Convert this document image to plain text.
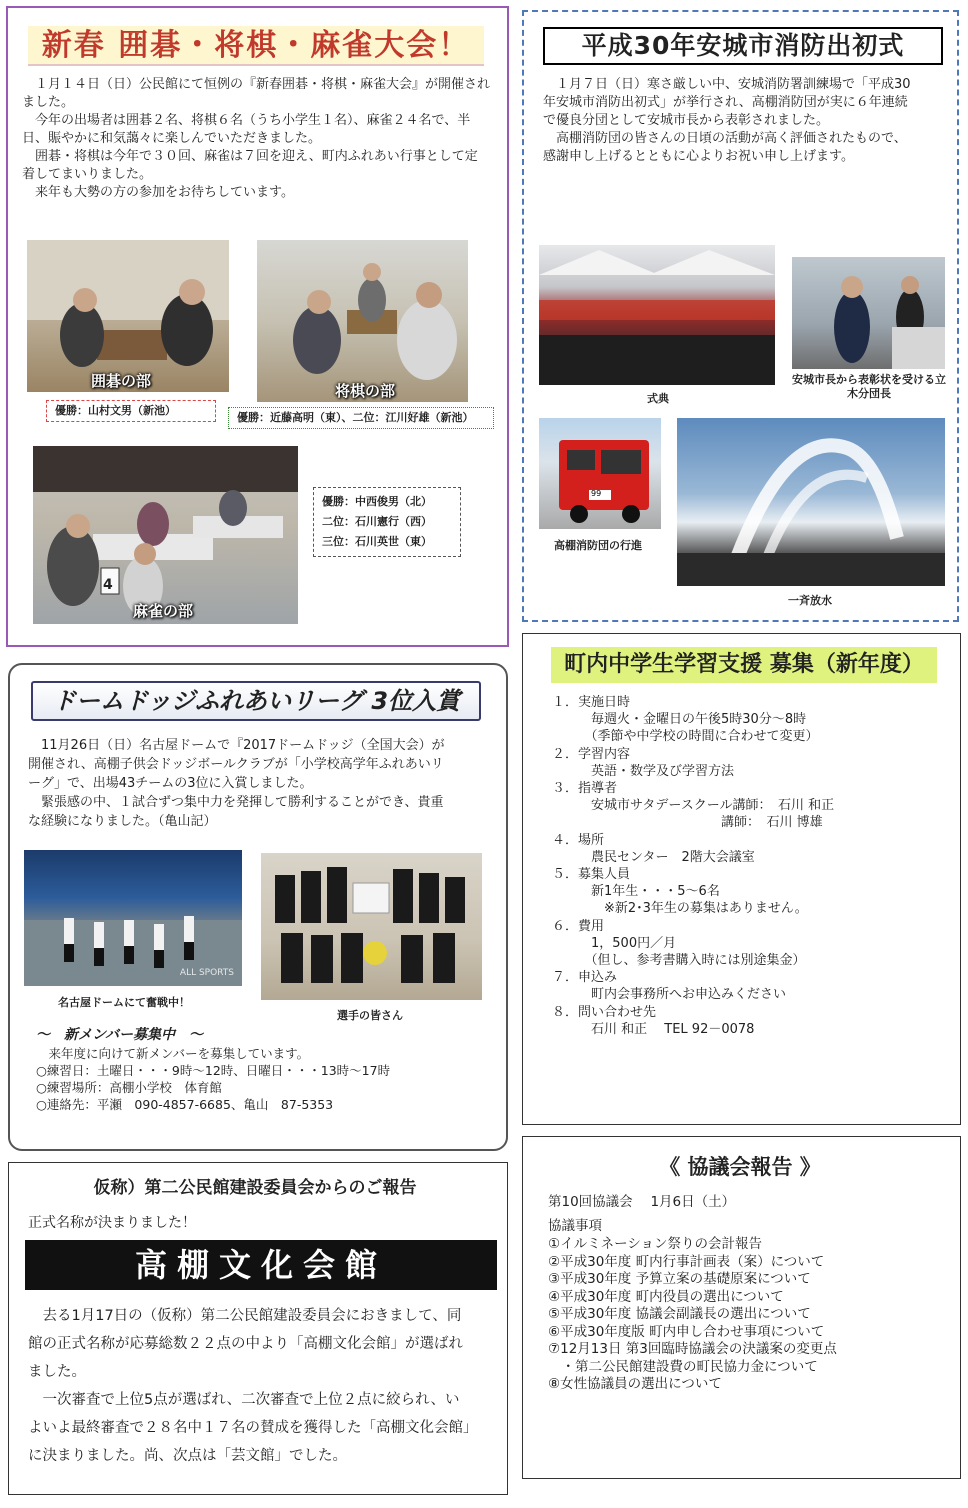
新春 囲碁・将棋・麻雀大会！

　１月１４日（日）公民館にて恒例の『新春囲碁・将棋・麻雀大会』が開催されました。

　今年の出場者は囲碁２名、将棋６名（うち小学生１名）、麻雀２４名で、半日、賑やかに和気藹々に楽しんでいただきました。

　囲碁・将棋は今年で３０回、麻雀は７回を迎え、町内ふれあい行事として定着してまいりました。

　来年も大勢の方の参加をお待ちしています。

囲碁の部
優勝：山村文男（新池）
将棋の部
優勝：近藤高明（東）、二位：江川好雄（新池）
4
麻雀の部
優勝：中西俊男（北）
二位：石川憲行（西）
三位：石川英世（東）
平成30年安城市消防出初式

　１月７日（日）寒さ厳しい中、安城消防署訓練場で「平成30年安城市消防出初式」が挙行され、高棚消防団が実に６年連続で優良分団として安城市長から表彰されました。

　高棚消防団の皆さんの日頃の活動が高く評価されたもので、感謝申し上げるとともに心よりお祝い申し上げます。

式典
安城市長から表彰状を受ける立木分団長
99
高棚消防団の行進
一斉放水
ドームドッジふれあいリーグ 3位入賞

　11月26日（日）名古屋ドームで『2017ドームドッジ（全国大会）が開催され、高棚子供会ドッジボールクラブが「小学校高学年ふれあいリーグ」で、出場43チームの3位に入賞しました。

　緊張感の中、１試合ずつ集中力を発揮して勝利することができ、貴重な経験になりました。（亀山記）

ALL SPORTS
名古屋ドームにて奮戦中！
選手の皆さん
～　新メンバー募集中　～
　来年度に向けて新メンバーを募集しています。
○練習日：土曜日・・・9時～12時、日曜日・・・13時～17時
○練習場所：高棚小学校　体育館
○連絡先：平瀬　090-4857-6685、亀山　87-5353
町内中学生学習支援 募集（新年度）
１．実施日時
　　　毎週火・金曜日の午後5時30分～8時
　　　（季節や中学校の時間に合わせて変更）
２．学習内容
　　　英語・数学及び学習方法
３．指導者
　　　安城市サタデースクール講師：　石川 和正
　　　　　　　　　　　　　講師：　石川 博雄
４．場所
　　　農民センター　2階大会議室
５．募集人員
　　　新1年生・・・5～6名
　　　　※新2･3年生の募集はありません。
６．費用
　　　1，500円／月
　　　（但し、参考書購入時には別途集金）
７．申込み
　　　町内会事務所へお申込みください
８．問い合わせ先
　　　石川 和正　 TEL 92－0078
仮称）第二公民館建設委員会からのご報告
正式名称が決まりました！
高棚文化会館

　去る1月17日の（仮称）第二公民館建設委員会におきまして、同館の正式名称が応募総数２２点の中より「高棚文化会館」が選ばれました。

　一次審査で上位5点が選ばれ、二次審査で上位２点に絞られ、いよいよ最終審査で２８名中１７名の賛成を獲得した「高棚文化会館」に決まりました。尚、次点は「芸文館」でした。

《 協議会報告 》
第10回協議会　 1月6日（土）
協議事項
①イルミネーション祭りの会計報告
②平成30年度 町内行事計画表（案）について
③平成30年度 予算立案の基礎原案について
④平成30年度 町内役員の選出について
⑤平成30年度 協議会副議長の選出について
⑥平成30年度版 町内申し合わせ事項について
⑦12月13日 第3回臨時協議会の決議案の変更点
　・第二公民館建設費の町民協力金について
⑧女性協議員の選出について
